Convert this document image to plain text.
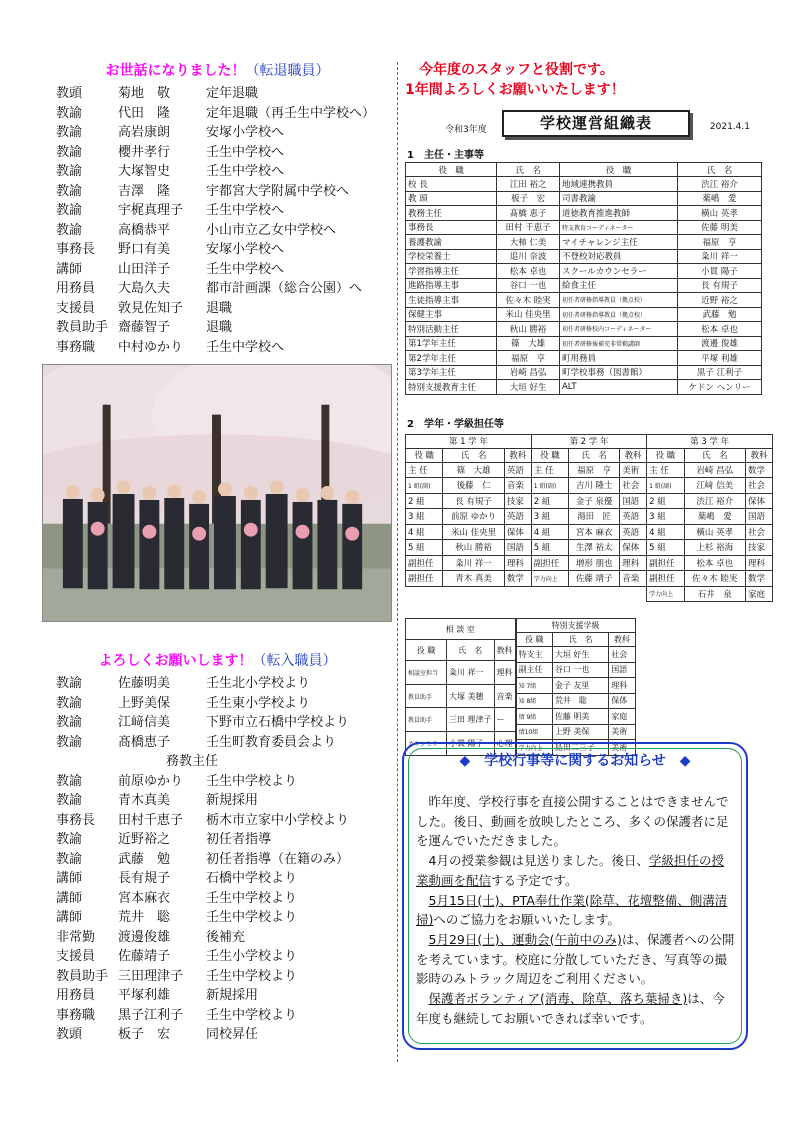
お世話になりました！（転退職員）
教頭	菊地　敬	定年退職
教諭	代田　隆	定年退職（再壬生中学校へ）
教諭	高岩康朗	安塚小学校へ
教諭	櫻井孝行	壬生中学校へ
教諭	大塚智史	壬生中学校へ
教諭	吉澤　隆	宇都宮大学附属中学校へ
教諭	宇梶真理子	壬生中学校へ
教諭	高橋恭平	小山市立乙女中学校へ
事務長	野口有美	安塚小学校へ
講師	山田洋子	壬生中学校へ
用務員	大島久夫	都市計画課（総合公園）へ
支援員	敦見佐知子	退職
教員助手 齋藤智子	退職
事務職	中村ゆかり	壬生中学校へ
よろしくお願いします！（転入職員）
教諭	佐藤明美	壬生北小学校より
教諭	上野美保	壬生東小学校より
教諭	江﨑信美	下野市立石橋中学校より
教諭	髙橋恵子	壬生町教育委員会より
務教主任
教諭	前原ゆかり	壬生中学校より
教諭	青木真美	新規採用
事務長	田村千恵子	栃木市立家中小学校より
教諭	近野裕之	初任者指導
教諭	武藤　勉	初任者指導（在籍のみ）
講師	長有規子	石橋中学校より
講師	宮本麻衣	壬生中学校より
講師	荒井　聡	壬生中学校より
非常勤	渡邊俊雄	後補充
支援員	佐藤靖子	壬生小学校より
教員助手 三田理津子	壬生中学校より
用務員	平塚利雄	新規採用
事務職	黒子江利子	壬生中学校より
教頭	板子　宏	同校昇任
今年度のスタッフと役割です。
1年間よろしくお願いいたします！
令和3年度	学校運営組織表	2021.4.1
1　主任・主事等
役　職	氏　名	役　職	氏　名
校 長	江田 裕之	地域連携教員	渋江 裕介
教 頭	板子　宏	司書教諭	薬嶋　愛
教務主任	髙橋 恵子	道徳教育推進教師	横山 英孝
事務長	田村 千恵子	特支教育コーディネーター	佐藤 明美
養護教諭	大柿 仁美	マイチャレンジ主任	福原　亨
学校栄養士	追川 奈波	不登校対応教員	粂川 祥一
学習指導主任	松本 卓也	スクールカウンセラー	小貫 陽子
進路指導主事	谷口 一也	給食主任	長 有規子
生徒指導主事	佐々木 睦実	初任者研修指導教員（拠点校）	近野 裕之
保健主事	米山 佳央里	初任者研修指導教員（拠点校）	武藤　勉
特別活動主任	秋山 勝裕	初任者研修校内コーディネーター	松本 卓也
第1学年主任	篠　大雄	初任者研修後補充非常勤講師	渡邊 俊雄
第2学年主任	福原　亨	町用務員	平塚 利雄
第3学年主任	岩崎 昌弘	町学校事務（図書館）	黒子 江利子
特別支援教育主任	大垣 好生	ALT	ケドン ヘンリー
2　学年・学級担任等
第 1 学 年			第 2 学 年			第 3 学 年		
役 職	氏　名	教科	役 職	氏　名	教科	役 職	氏　名	教科
主 任	篠　大雄	英語	主 任	福原　亨	美術	主 任	岩崎 昌弘	数学
1 組(副)	後藤　仁	音楽	1 組(副)	吉川 隆士	社会	1 組(副)	江﨑 信美	社会
2 組	長 有規子	技家	2 組	金子 泉優	国語	2 組	渋江 裕介	保体
3 組	前原 ゆかり	英語	3 組	湯田　匠	英語	3 組	薬嶋　愛	国語
4 組	米山 佳央里	保体	4 組	宮本 麻衣	英語	4 組	横山 英孝	社会
5 組	秋山 勝裕	国語	5 組	生澤 裕太	保体	5 組	上杉 裕海	技家
副担任	粂川 祥一	理科	副担任	増形 朋也	理科	副担任	松本 卓也	理科
副担任	青木 真美	数学	学力向上	佐藤 靖子	音楽	副担任	佐々木 睦実	数学
						学力向上	石井　泉	家庭
相 談 室		
役 職	氏　名	教科
相談室担当	粂川 祥一	理科
教員助手	大塚 美穂	音楽
教員助手	三田 理津子	ー
カウンセラー	小貫 陽子	心理
特別支援学級		
役 職	氏　名	教科
特支主	大垣 好生	社会
副主任	谷口 一也	国語
知 7組	金子 友里	理科
知 8組	荒井　聡	保体
情 9組	佐藤 明美	家庭
情10組	上野 美保	美術
学力向上	島田二三子	美術
◆　学校行事等に関するお知らせ　◆

昨年度、学校行事を直接公開することはできませんでした。後日、動画を放映したところ、多くの保護者に足を運んでいただきました。

4月の授業参観は見送りました。後日、学級担任の授業動画を配信する予定です。

5月15日(土)、PTA奉仕作業(除草、花壇整備、側溝清掃)へのご協力をお願いいたします。

5月29日(土)、運動会(午前中のみ)は、保護者への公開を考えています。校庭に分散していただき、写真等の撮影時のみトラック周辺をご利用ください。

保護者ボランティア(消毒、除草、落ち葉掃き)は、今年度も継続してお願いできれば幸いです。
